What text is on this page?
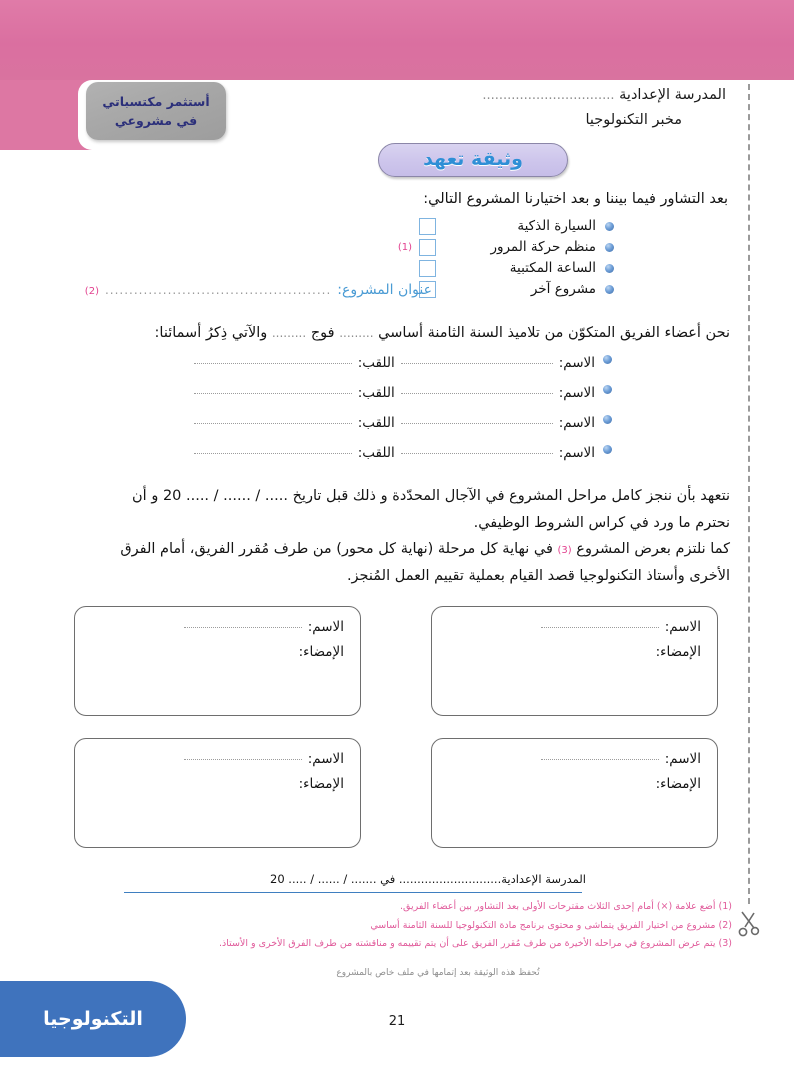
أستثمر مكتسباتي
في مشروعي
المدرسة الإعدادية ................................
مخبر التكنولوجيا
وثيقة تعهد
بعد التشاور فيما بيننا و بعد اختيارنا المشروع التالي:
السيارة الذكية
منظم حركة المرور
(1)
الساعة المكتبية
مشروع آخر
عنوان المشروع:
...............................................
(2)
نحن أعضاء الفريق المتكوّن من تلاميذ السنة الثامنة أساسي ......... فوج ......... والآتي ذِكرُ أسمائنا:
الاسم:
اللقب:
الاسم:
اللقب:
الاسم:
اللقب:
الاسم:
اللقب:
نتعهد بأن ننجز كامل مراحل المشروع في الآجال المحدّدة و ذلك قبل تاريخ ..... / ...... / ..... 20 و أن
نحترم ما ورد في كراس الشروط الوظيفي.
كما نلتزم بعرض المشروع (3) في نهاية كل مرحلة (نهاية كل محور) من طرف مُقرر الفريق، أمام الفرق
الأخرى وأستاذ التكنولوجيا قصد القيام بعملية تقييم العمل المُنجز.
الاسم:
الإمضاء:
الاسم:
الإمضاء:
الاسم:
الإمضاء:
الاسم:
الإمضاء:
المدرسة الإعدادية............................ في ....... / ...... / ..... 20
(1) أضع علامة (×) أمام إحدى الثلاث مقترحات الأولى بعد التشاور بين أعضاء الفريق.
(2) مشروع من اختيار الفريق يتماشى و محتوى برنامج مادة التكنولوجيا للسنة الثامنة أساسي
(3) يتم عرض المشروع في مراحله الأخيرة من طرف مُقرر الفريق على أن يتم تقييمه و مناقشته من طرف الفرق الأخرى و الأستاذ.
تُحفظ هذه الوثيقة بعد إتمامها في ملف خاص بالمشروع
التكنولوجيا	21
